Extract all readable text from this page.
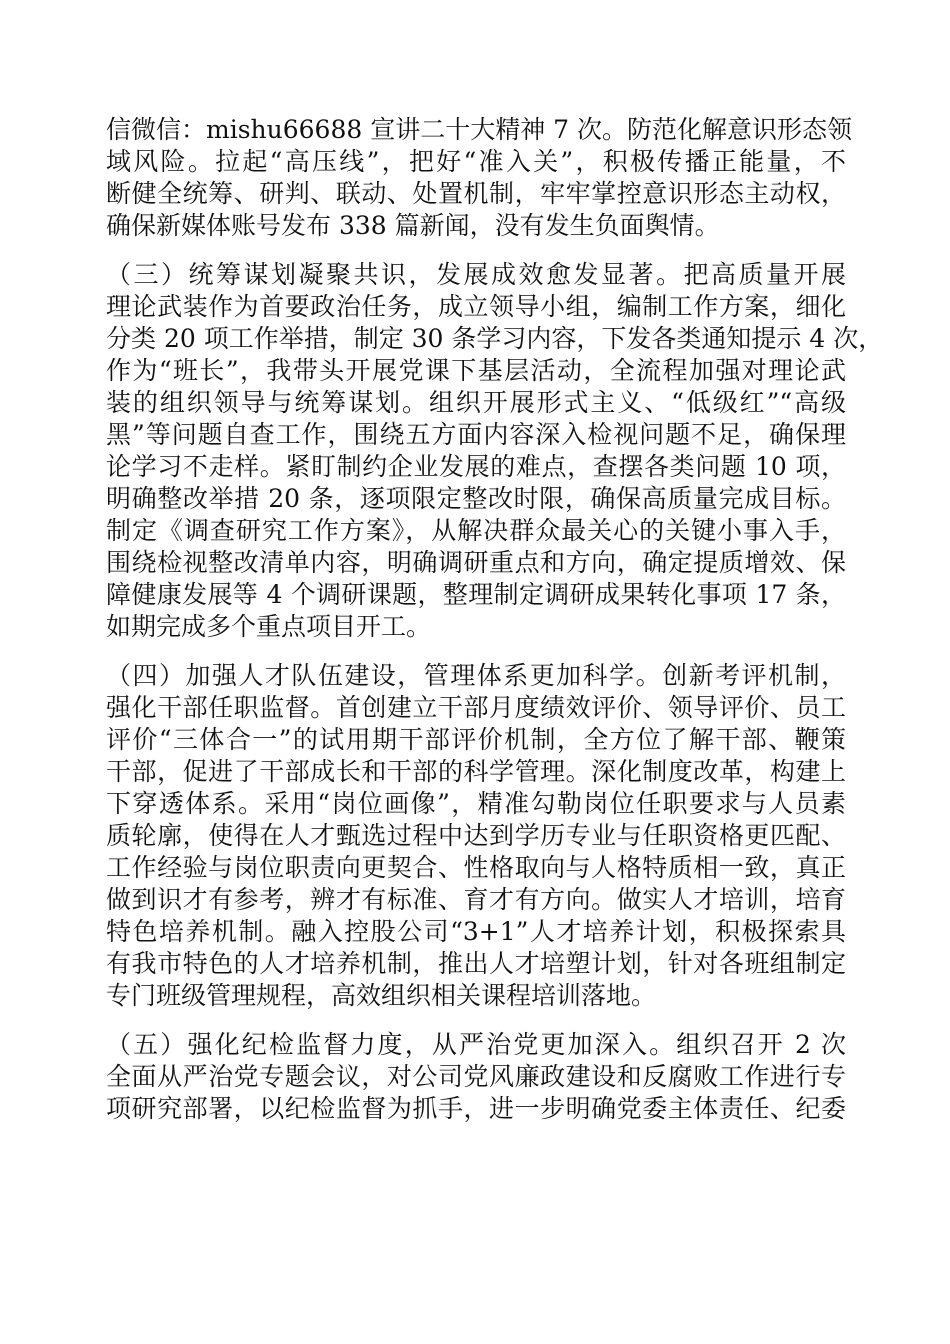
信微信：mishu66688 宣讲二十大精神 7 次。防范化解意识形态领
域风险。拉起“高压线”，把好“准入关”，积极传播正能量，不
断健全统筹、研判、联动、处置机制，牢牢掌控意识形态主动权，
确保新媒体账号发布 338 篇新闻，没有发生负面舆情。
（三）统筹谋划凝聚共识，发展成效愈发显著。把高质量开展
理论武装作为首要政治任务，成立领导小组，编制工作方案，细化
分类 20 项工作举措，制定 30 条学习内容，下发各类通知提示 4 次，
作为“班长”，我带头开展党课下基层活动，全流程加强对理论武
装的组织领导与统筹谋划。组织开展形式主义、“低级红”“高级
黑”等问题自查工作，围绕五方面内容深入检视问题不足，确保理
论学习不走样。紧盯制约企业发展的难点，查摆各类问题 10 项，
明确整改举措 20 条，逐项限定整改时限，确保高质量完成目标。
制定《调查研究工作方案》，从解决群众最关心的关键小事入手，
围绕检视整改清单内容，明确调研重点和方向，确定提质增效、保
障健康发展等 4 个调研课题，整理制定调研成果转化事项 17 条，
如期完成多个重点项目开工。
（四）加强人才队伍建设，管理体系更加科学。创新考评机制，
强化干部任职监督。首创建立干部月度绩效评价、领导评价、员工
评价“三体合一”的试用期干部评价机制，全方位了解干部、鞭策
干部，促进了干部成长和干部的科学管理。深化制度改革，构建上
下穿透体系。采用“岗位画像”，精准勾勒岗位任职要求与人员素
质轮廓，使得在人才甄选过程中达到学历专业与任职资格更匹配、
工作经验与岗位职责向更契合、性格取向与人格特质相一致，真正
做到识才有参考，辨才有标准、育才有方向。做实人才培训，培育
特色培养机制。融入控股公司“3+1”人才培养计划，积极探索具
有我市特色的人才培养机制，推出人才培塑计划，针对各班组制定
专门班级管理规程，高效组织相关课程培训落地。
（五）强化纪检监督力度，从严治党更加深入。组织召开 2 次
全面从严治党专题会议，对公司党风廉政建设和反腐败工作进行专
项研究部署，以纪检监督为抓手，进一步明确党委主体责任、纪委
